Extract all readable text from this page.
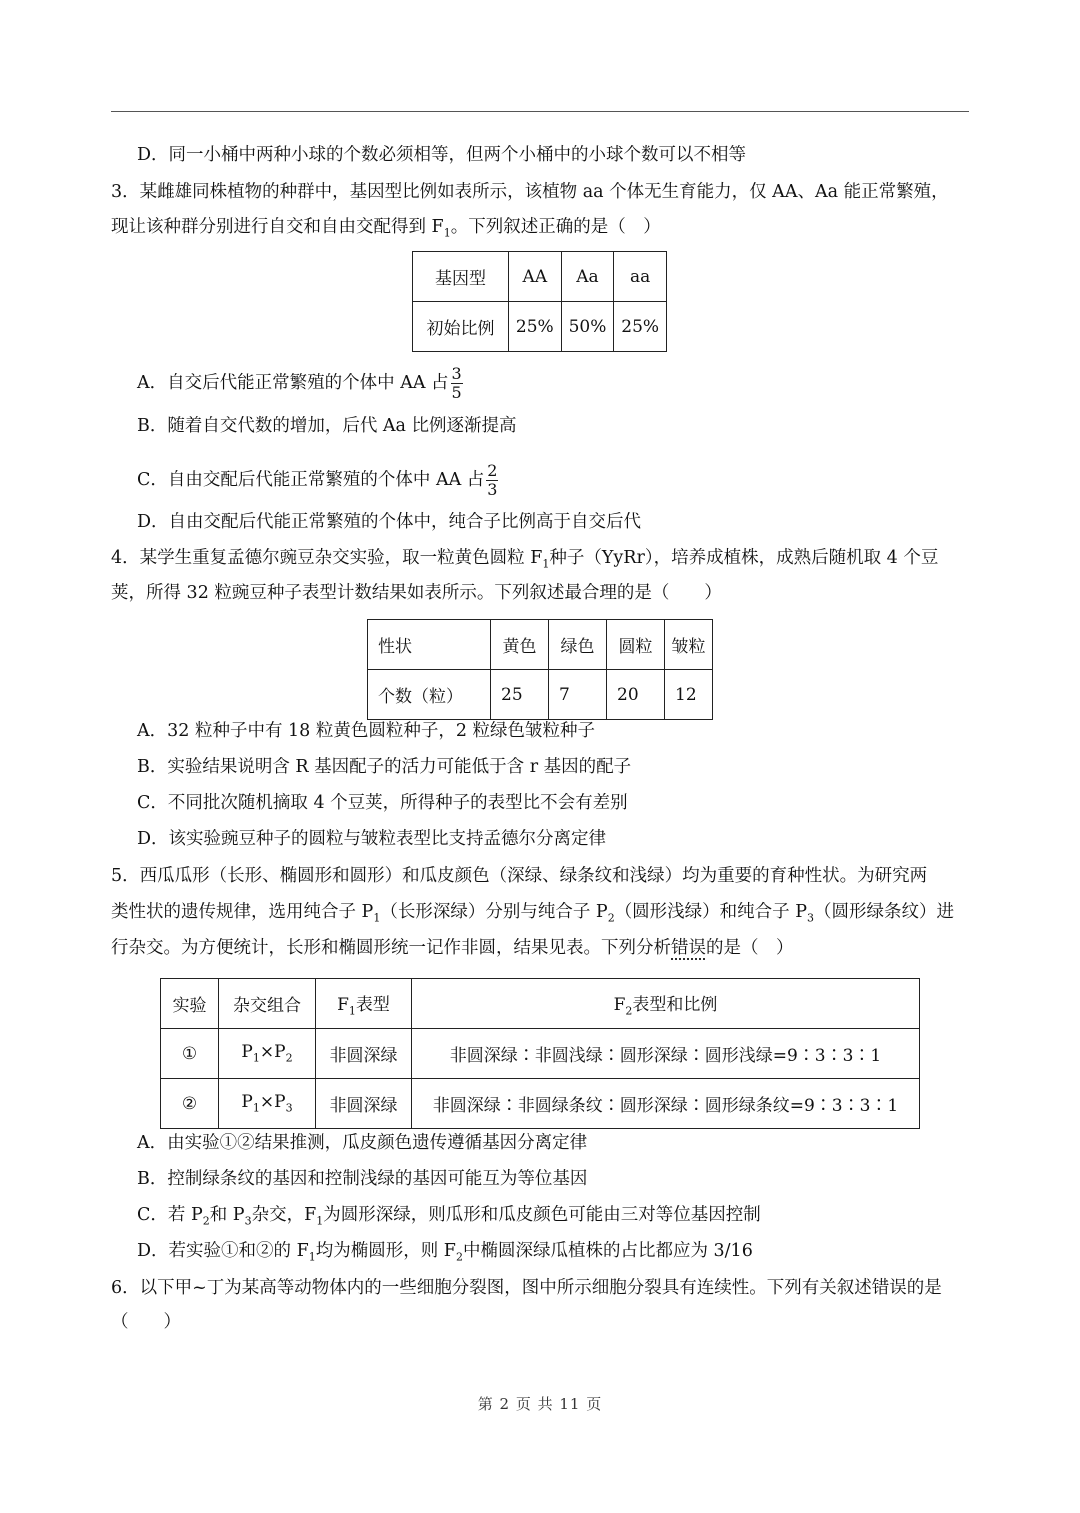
D．同一小桶中两种小球的个数必须相等，但两个小桶中的小球个数可以不相等
3．某雌雄同株植物的种群中，基因型比例如表所示，该植物 aa 个体无生育能力，仅 AA、Aa 能正常繁殖，
现让该种群分别进行自交和自由交配得到 $F_1$。下列叙述正确的是（　）
基因型	AA	Aa	aa
初始比例	25%	50%	25%
A．自交后代能正常繁殖的个体中 AA 占 $\frac{3}{5}$
B．随着自交代数的增加，后代 Aa 比例逐渐提高
C．自由交配后代能正常繁殖的个体中 AA 占 $\frac{2}{3}$
D．自由交配后代能正常繁殖的个体中，纯合子比例高于自交后代
4．某学生重复孟德尔豌豆杂交实验，取一粒黄色圆粒 $F_1$种子（YyRr），培养成植株，成熟后随机取 4 个豆
荚，所得 32 粒豌豆种子表型计数结果如表所示。下列叙述最合理的是（　　）
性状	黄色	绿色	圆粒	皱粒
个数（粒）	25	7	20	12
A．32 粒种子中有 18 粒黄色圆粒种子，2 粒绿色皱粒种子
B．实验结果说明含 R 基因配子的活力可能低于含 r 基因的配子
C．不同批次随机摘取 4 个豆荚，所得种子的表型比不会有差别
D．该实验豌豆种子的圆粒与皱粒表型比支持孟德尔分离定律
5．西瓜瓜形（长形、椭圆形和圆形）和瓜皮颜色（深绿、绿条纹和浅绿）均为重要的育种性状。为研究两
类性状的遗传规律，选用纯合子 $P_1$（长形深绿）分别与纯合子 $P_2$（圆形浅绿）和纯合子 $P_3$（圆形绿条纹）进
行杂交。为方便统计，长形和椭圆形统一记作非圆，结果见表。下列分析错误的是（　）
实验	杂交组合	$F_1$表型	$F_2$表型和比例
①	$P_1\times P_2$	非圆深绿	非圆深绿∶非圆浅绿∶圆形深绿∶圆形浅绿=9∶3∶3∶1
②	$P_1\times P_3$	非圆深绿	非圆深绿∶非圆绿条纹∶圆形深绿∶圆形绿条纹=9∶3∶3∶1
A．由实验①②结果推测，瓜皮颜色遗传遵循基因分离定律
B．控制绿条纹的基因和控制浅绿的基因可能互为等位基因
C．若 $P_2$和 $P_3$杂交，$F_1$为圆形深绿，则瓜形和瓜皮颜色可能由三对等位基因控制
D．若实验①和②的 $F_1$均为椭圆形，则 $F_2$中椭圆深绿瓜植株的占比都应为 3/16
6．以下甲~丁为某高等动物体内的一些细胞分裂图，图中所示细胞分裂具有连续性。下列有关叙述错误的是
（　　）
第 2 页 共 11 页
